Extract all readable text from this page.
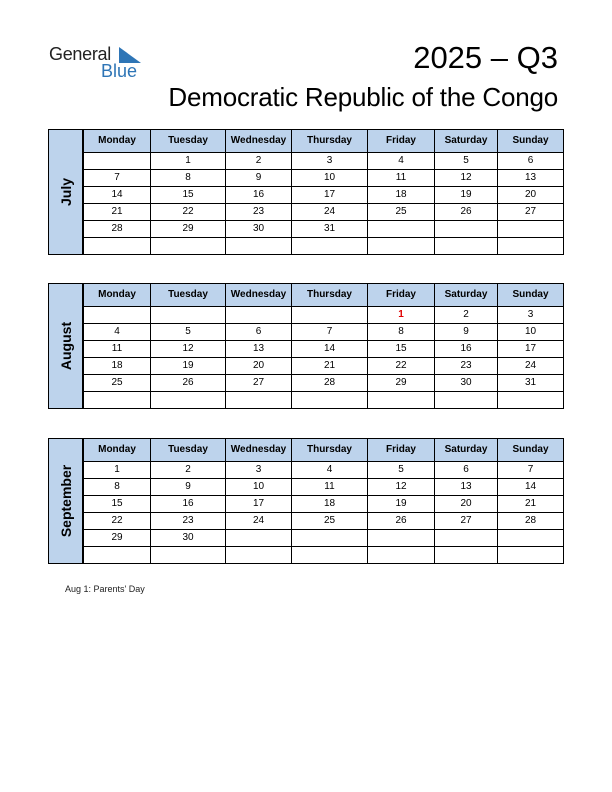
General
Blue	2025 – Q3
Democratic Republic of the Congo
July
Monday	Tuesday	Wednesday	Thursday	Friday	Saturday	Sunday
	1	2	3	4	5	6
7	8	9	10	11	12	13
14	15	16	17	18	19	20
21	22	23	24	25	26	27
28	29	30	31			

August
Monday	Tuesday	Wednesday	Thursday	Friday	Saturday	Sunday
				1	2	3
4	5	6	7	8	9	10
11	12	13	14	15	16	17
18	19	20	21	22	23	24
25	26	27	28	29	30	31

September
Monday	Tuesday	Wednesday	Thursday	Friday	Saturday	Sunday
1	2	3	4	5	6	7
8	9	10	11	12	13	14
15	16	17	18	19	20	21
22	23	24	25	26	27	28
29	30					

Aug 1: Parents' Day
